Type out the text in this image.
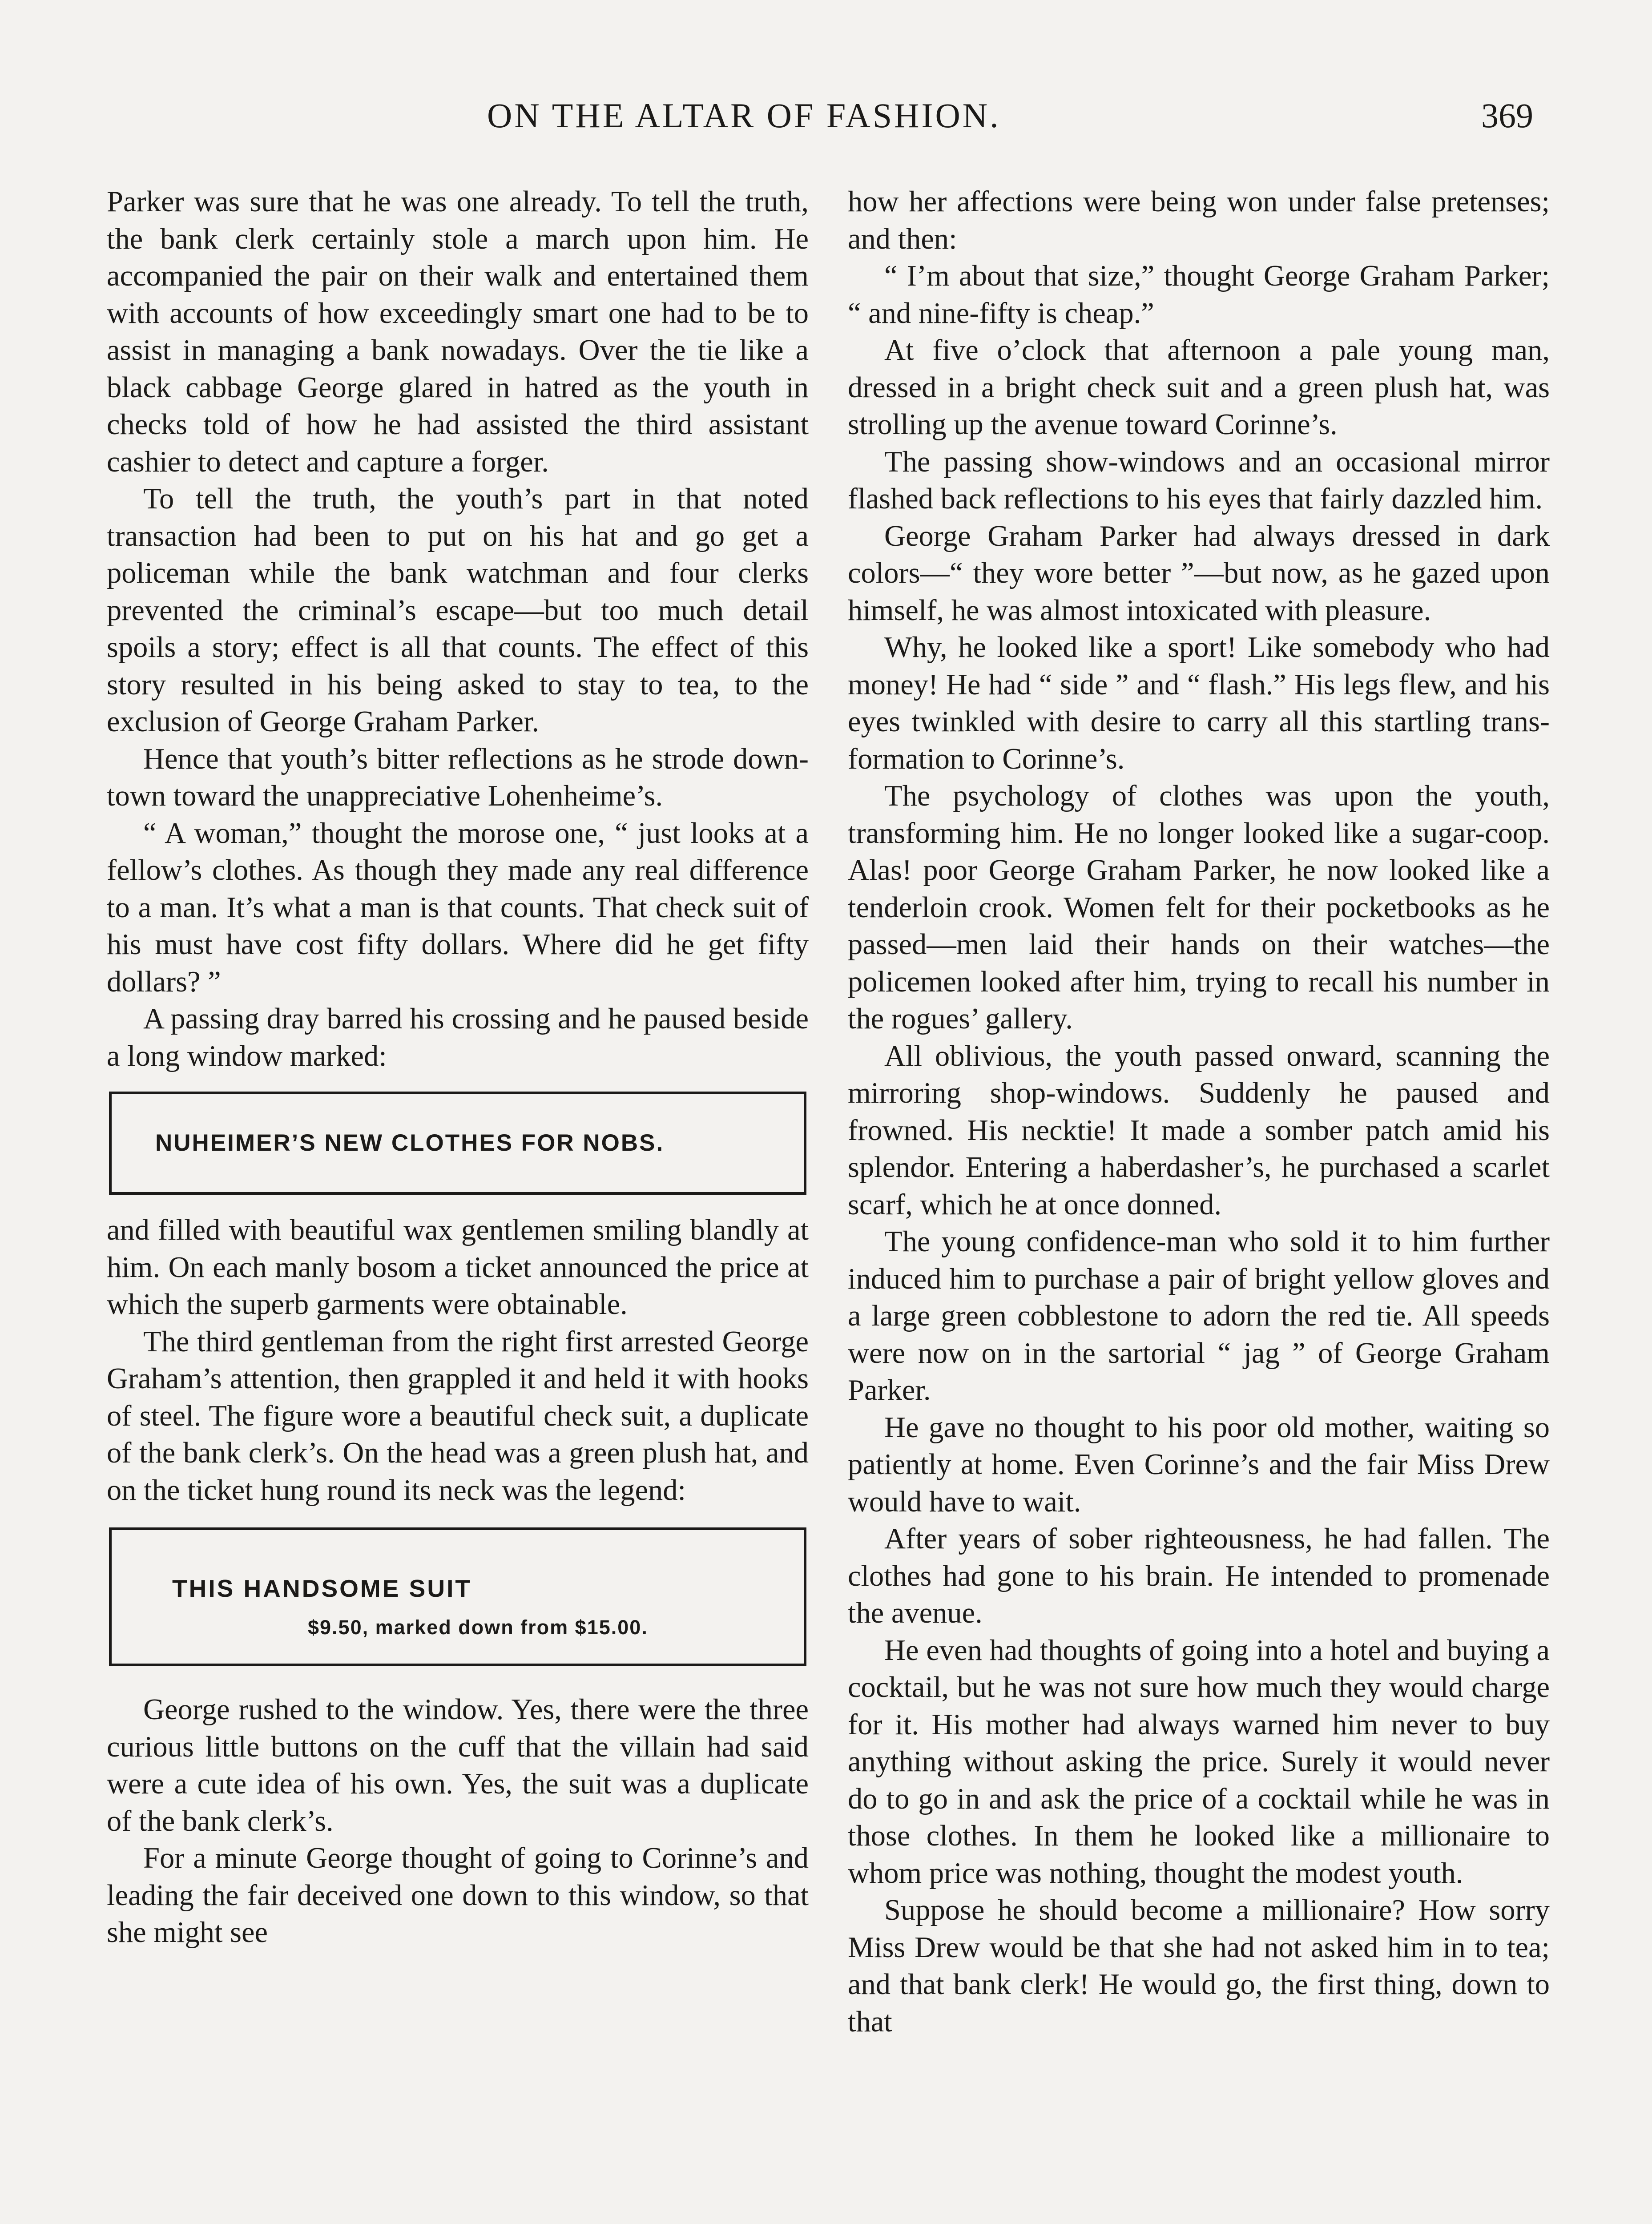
ON THE ALTAR OF FASHION.	369

Parker was sure that he was one already. To tell the truth, the bank clerk certainly stole a march upon him. He accompanied the pair on their walk and entertained them with accounts of how exceedingly smart one had to be to assist in managing a bank nowadays. Over the tie like a black cabbage George glared in hatred as the youth in checks told of how he had assisted the third assistant cashier to detect and capture a forger.

To tell the truth, the youth’s part in that noted transaction had been to put on his hat and go get a policeman while the bank watchman and four clerks prevented the criminal’s escape—but too much detail spoils a story; effect is all that counts. The effect of this story resulted in his being asked to stay to tea, to the exclusion of George Graham Parker.

Hence that youth’s bitter reflections as he strode down-town toward the unappreciative Lohenheime’s.

“ A woman,” thought the morose one, “ just looks at a fellow’s clothes. As though they made any real difference to a man. It’s what a man is that counts. That check suit of his must have cost fifty dollars. Where did he get fifty dollars? ”

A passing dray barred his crossing and he paused beside a long window marked:

NUHEIMER’S NEW CLOTHES FOR NOBS.

and filled with beautiful wax gentlemen smiling blandly at him. On each manly bosom a ticket announced the price at which the superb garments were obtainable.

The third gentleman from the right first arrested George Graham’s attention, then grappled it and held it with hooks of steel. The figure wore a beautiful check suit, a duplicate of the bank clerk’s. On the head was a green plush hat, and on the ticket hung round its neck was the legend:

THIS HANDSOME SUIT
$9.50, marked down from $15.00.

George rushed to the window. Yes, there were the three curious little buttons on the cuff that the villain had said were a cute idea of his own. Yes, the suit was a duplicate of the bank clerk’s.

For a minute George thought of going to Corinne’s and leading the fair deceived one down to this window, so that she might see

how her affections were being won under false pretenses; and then:

“ I’m about that size,” thought George Graham Parker; “ and nine-fifty is cheap.”

At five o’clock that afternoon a pale young man, dressed in a bright check suit and a green plush hat, was strolling up the avenue toward Corinne’s.

The passing show-windows and an occasional mirror flashed back reflections to his eyes that fairly dazzled him.

George Graham Parker had always dressed in dark colors—“ they wore better ”—but now, as he gazed upon himself, he was almost intoxicated with pleasure.

Why, he looked like a sport! Like somebody who had money! He had “ side ” and “ flash.” His legs flew, and his eyes twinkled with desire to carry all this startling transformation to Corinne’s.

The psychology of clothes was upon the youth, transforming him. He no longer looked like a sugar-coop. Alas! poor George Graham Parker, he now looked like a tenderloin crook. Women felt for their pocketbooks as he passed—men laid their hands on their watches—the policemen looked after him, trying to recall his number in the rogues’ gallery.

All oblivious, the youth passed onward, scanning the mirroring shop-windows. Suddenly he paused and frowned. His necktie! It made a somber patch amid his splendor. Entering a haberdasher’s, he purchased a scarlet scarf, which he at once donned.

The young confidence-man who sold it to him further induced him to purchase a pair of bright yellow gloves and a large green cobblestone to adorn the red tie. All speeds were now on in the sartorial “ jag ” of George Graham Parker.

He gave no thought to his poor old mother, waiting so patiently at home. Even Corinne’s and the fair Miss Drew would have to wait.

After years of sober righteousness, he had fallen. The clothes had gone to his brain. He intended to promenade the avenue.

He even had thoughts of going into a hotel and buying a cocktail, but he was not sure how much they would charge for it. His mother had always warned him never to buy anything without asking the price. Surely it would never do to go in and ask the price of a cocktail while he was in those clothes. In them he looked like a millionaire to whom price was nothing, thought the modest youth.

Suppose he should become a millionaire? How sorry Miss Drew would be that she had not asked him in to tea; and that bank clerk! He would go, the first thing, down to that
